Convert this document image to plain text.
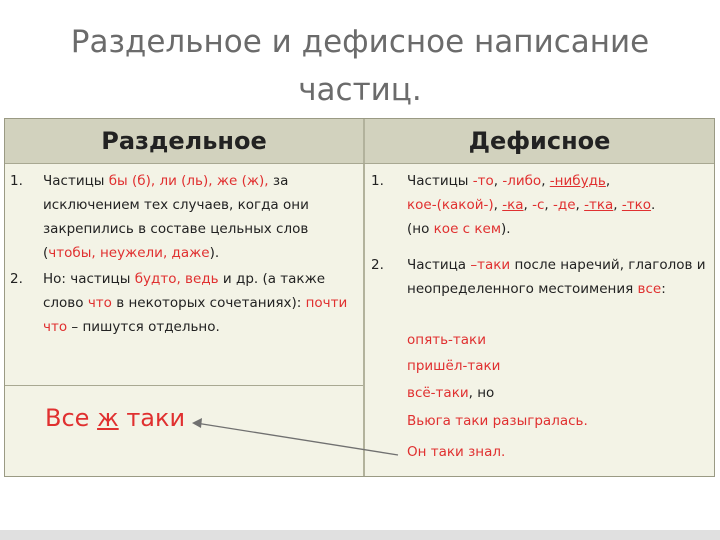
Раздельное и дефисное написание
частиц.
Раздельное	Дефисное
1. Частицы бы (б), ли (ль), же (ж), за исключением тех случаев, когда они закрепились в составе цельных слов (чтобы, неужели, даже).
2. Но: частицы будто, ведь и др. (а также слово что в некоторых сочетаниях): почти что – пишутся отдельно.
Все ж таки
1. Частицы -то, -либо, -нибудь,
кое-(какой-), -ка, -с, -де, -тка, -тко.
(но кое с кем).
2. Частица –таки после наречий, глаголов и неопределенного местоимения все:
опять-таки
пришёл-таки
всё-таки, но
Вьюга таки разыгралась.
Он таки знал.
